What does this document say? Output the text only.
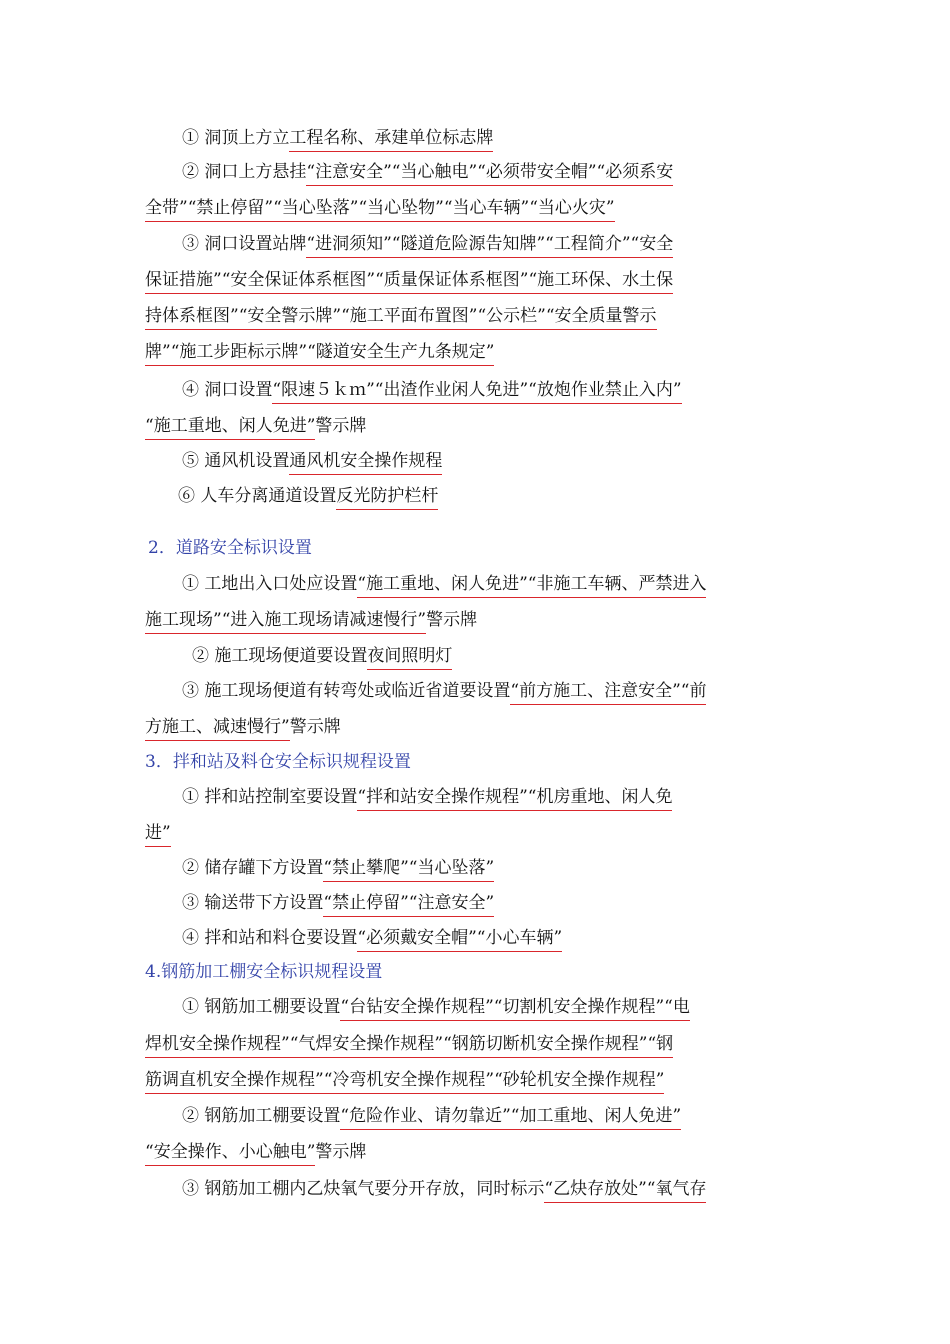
① 洞顶上方立工程名称、承建单位标志牌
② 洞口上方悬挂“注意安全”“当心触电”“必须带安全帽”“必须系安
全带”“禁止停留”“当心坠落”“当心坠物”“当心车辆”“当心火灾”
③ 洞口设置站牌“进洞须知”“隧道危险源告知牌”“工程简介”“安全
保证措施”“安全保证体系框图”“质量保证体系框图”“施工环保、水土保
持体系框图”“安全警示牌”“施工平面布置图”“公示栏”“安全质量警示
牌”“施工步距标示牌”“隧道安全生产九条规定”
④ 洞口设置“限速５ｋｍ”“出渣作业闲人免进”“放炮作业禁止入内”
“施工重地、闲人免进”警示牌
⑤ 通风机设置通风机安全操作规程
⑥ 人车分离通道设置反光防护栏杆
2．道路安全标识设置
① 工地出入口处应设置“施工重地、闲人免进”“非施工车辆、严禁进入
施工现场”“进入施工现场请减速慢行”警示牌
② 施工现场便道要设置夜间照明灯
③ 施工现场便道有转弯处或临近省道要设置“前方施工、注意安全”“前
方施工、减速慢行”警示牌
3．拌和站及料仓安全标识规程设置
① 拌和站控制室要设置“拌和站安全操作规程”“机房重地、闲人免
进”
② 储存罐下方设置“禁止攀爬”“当心坠落”
③ 输送带下方设置“禁止停留”“注意安全”
④ 拌和站和料仓要设置“必须戴安全帽”“小心车辆”
4.钢筋加工棚安全标识规程设置
① 钢筋加工棚要设置“台钻安全操作规程”“切割机安全操作规程”“电
焊机安全操作规程”“气焊安全操作规程”“钢筋切断机安全操作规程”“钢
筋调直机安全操作规程”“冷弯机安全操作规程”“砂轮机安全操作规程”
② 钢筋加工棚要设置“危险作业、请勿靠近”“加工重地、闲人免进”
“安全操作、小心触电”警示牌
③ 钢筋加工棚内乙炔氧气要分开存放，同时标示“乙炔存放处”“氧气存
